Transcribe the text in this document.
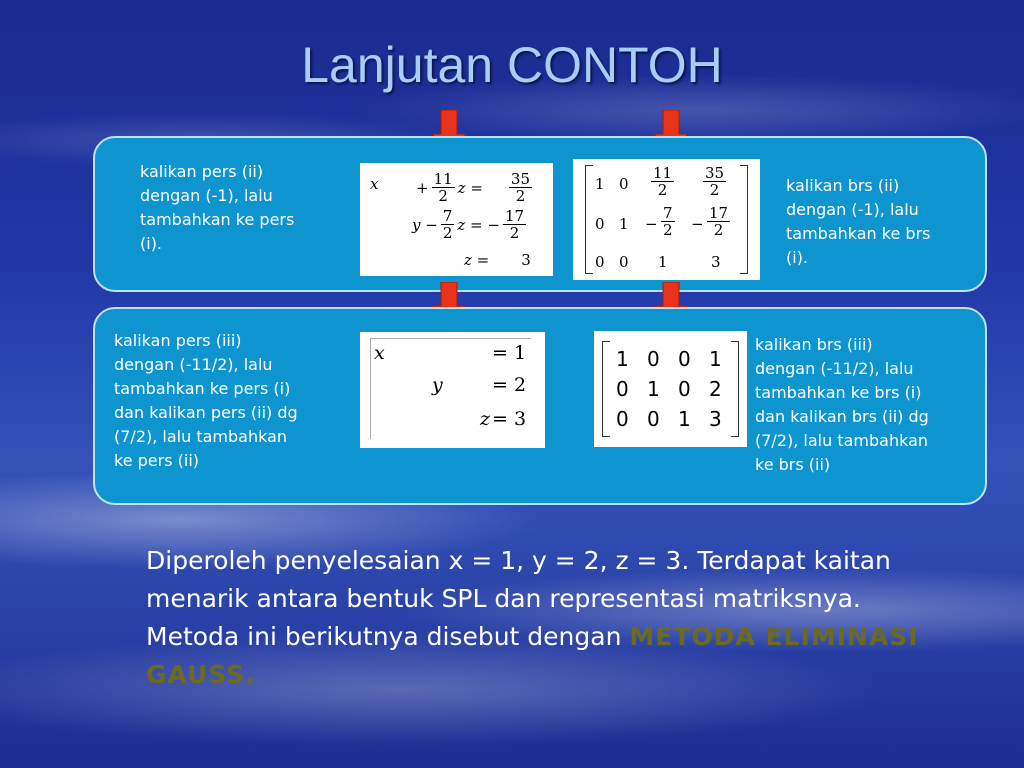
Lanjutan CONTOH
kalikan pers (ii)
dengan (-1), lalu
tambahkan ke pers
(i).
kalikan brs (ii)
dengan (-1), lalu
tambahkan ke brs
(i).
x	+ $\frac{11}{2}$ $z = \frac{35}{2}$
$y - \frac{7}{2}$ z = − $\frac{17}{2}$
z = 3
1 $0 \frac{11}{2} \frac{35}{2}$
0 $1 - \frac{7}{2} - \frac{17}{2}$
0 0 1	3
kalikan pers (iii)
dengan (-11/2), lalu
tambahkan ke pers (i)
dan kalikan pers (ii) dg
(7/2), lalu tambahkan
ke pers (ii)
kalikan brs (iii)
dengan (-11/2), lalu
tambahkan ke brs (i)
dan kalikan brs (ii) dg
(7/2), lalu tambahkan
ke brs (ii)
x	= 1
y	= 2
z = 3
1 0 0 1
0 1 0 2
0 0 1 3
Diperoleh penyelesaian x = 1, y = 2, z = 3. Terdapat kaitan menarik antara bentuk SPL dan representasi matriksnya. Metoda ini berikutnya disebut dengan METODA ELIMINASI GAUSS.
